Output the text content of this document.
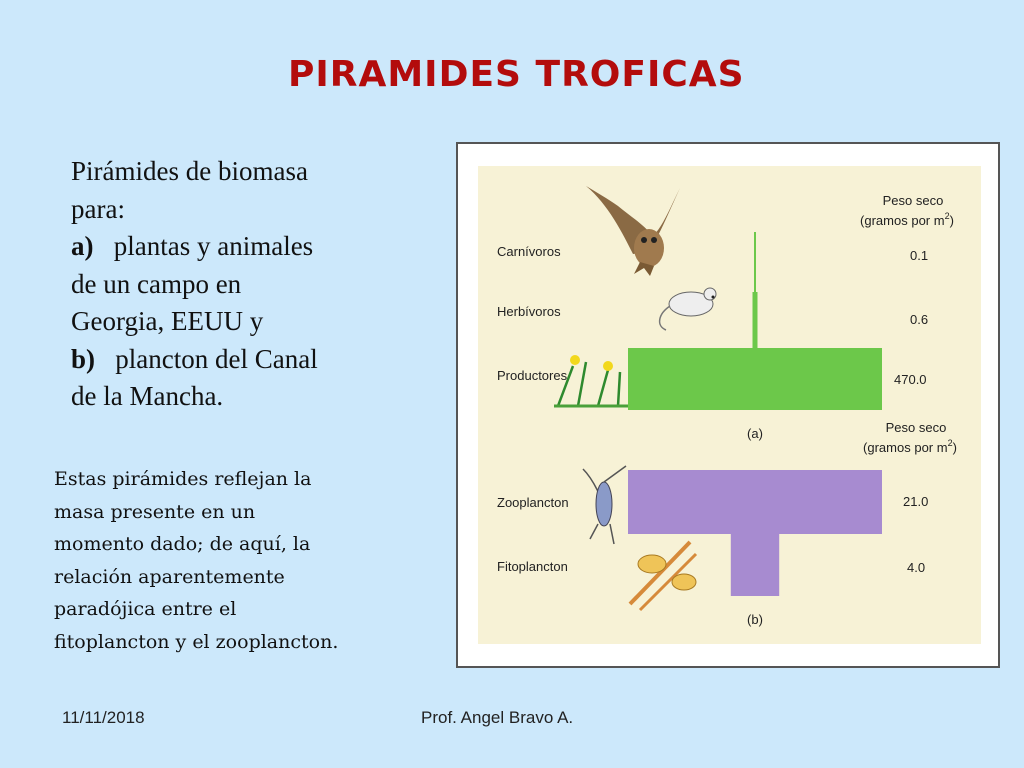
PIRAMIDES TROFICAS
Pirámides de biomasa
para:
a) plantas y animales
de un campo en
Georgia, EEUU y
b) plancton del Canal
de la Mancha.
Estas pirámides reflejan la
masa presente en un
momento dado; de aquí, la
relación aparentemente
paradójica entre el
fitoplancton y el zooplancton.
Peso seco
(gramos por $m^2$)
Carnívoros
Herbívoros
Productores
0.1
0.6
470.0
(a)	Peso seco
(gramos por $m^2$)
Zooplancton
Fitoplancton
21.0
4.0
(b)
11/11/2018	Prof. Angel Bravo A.
